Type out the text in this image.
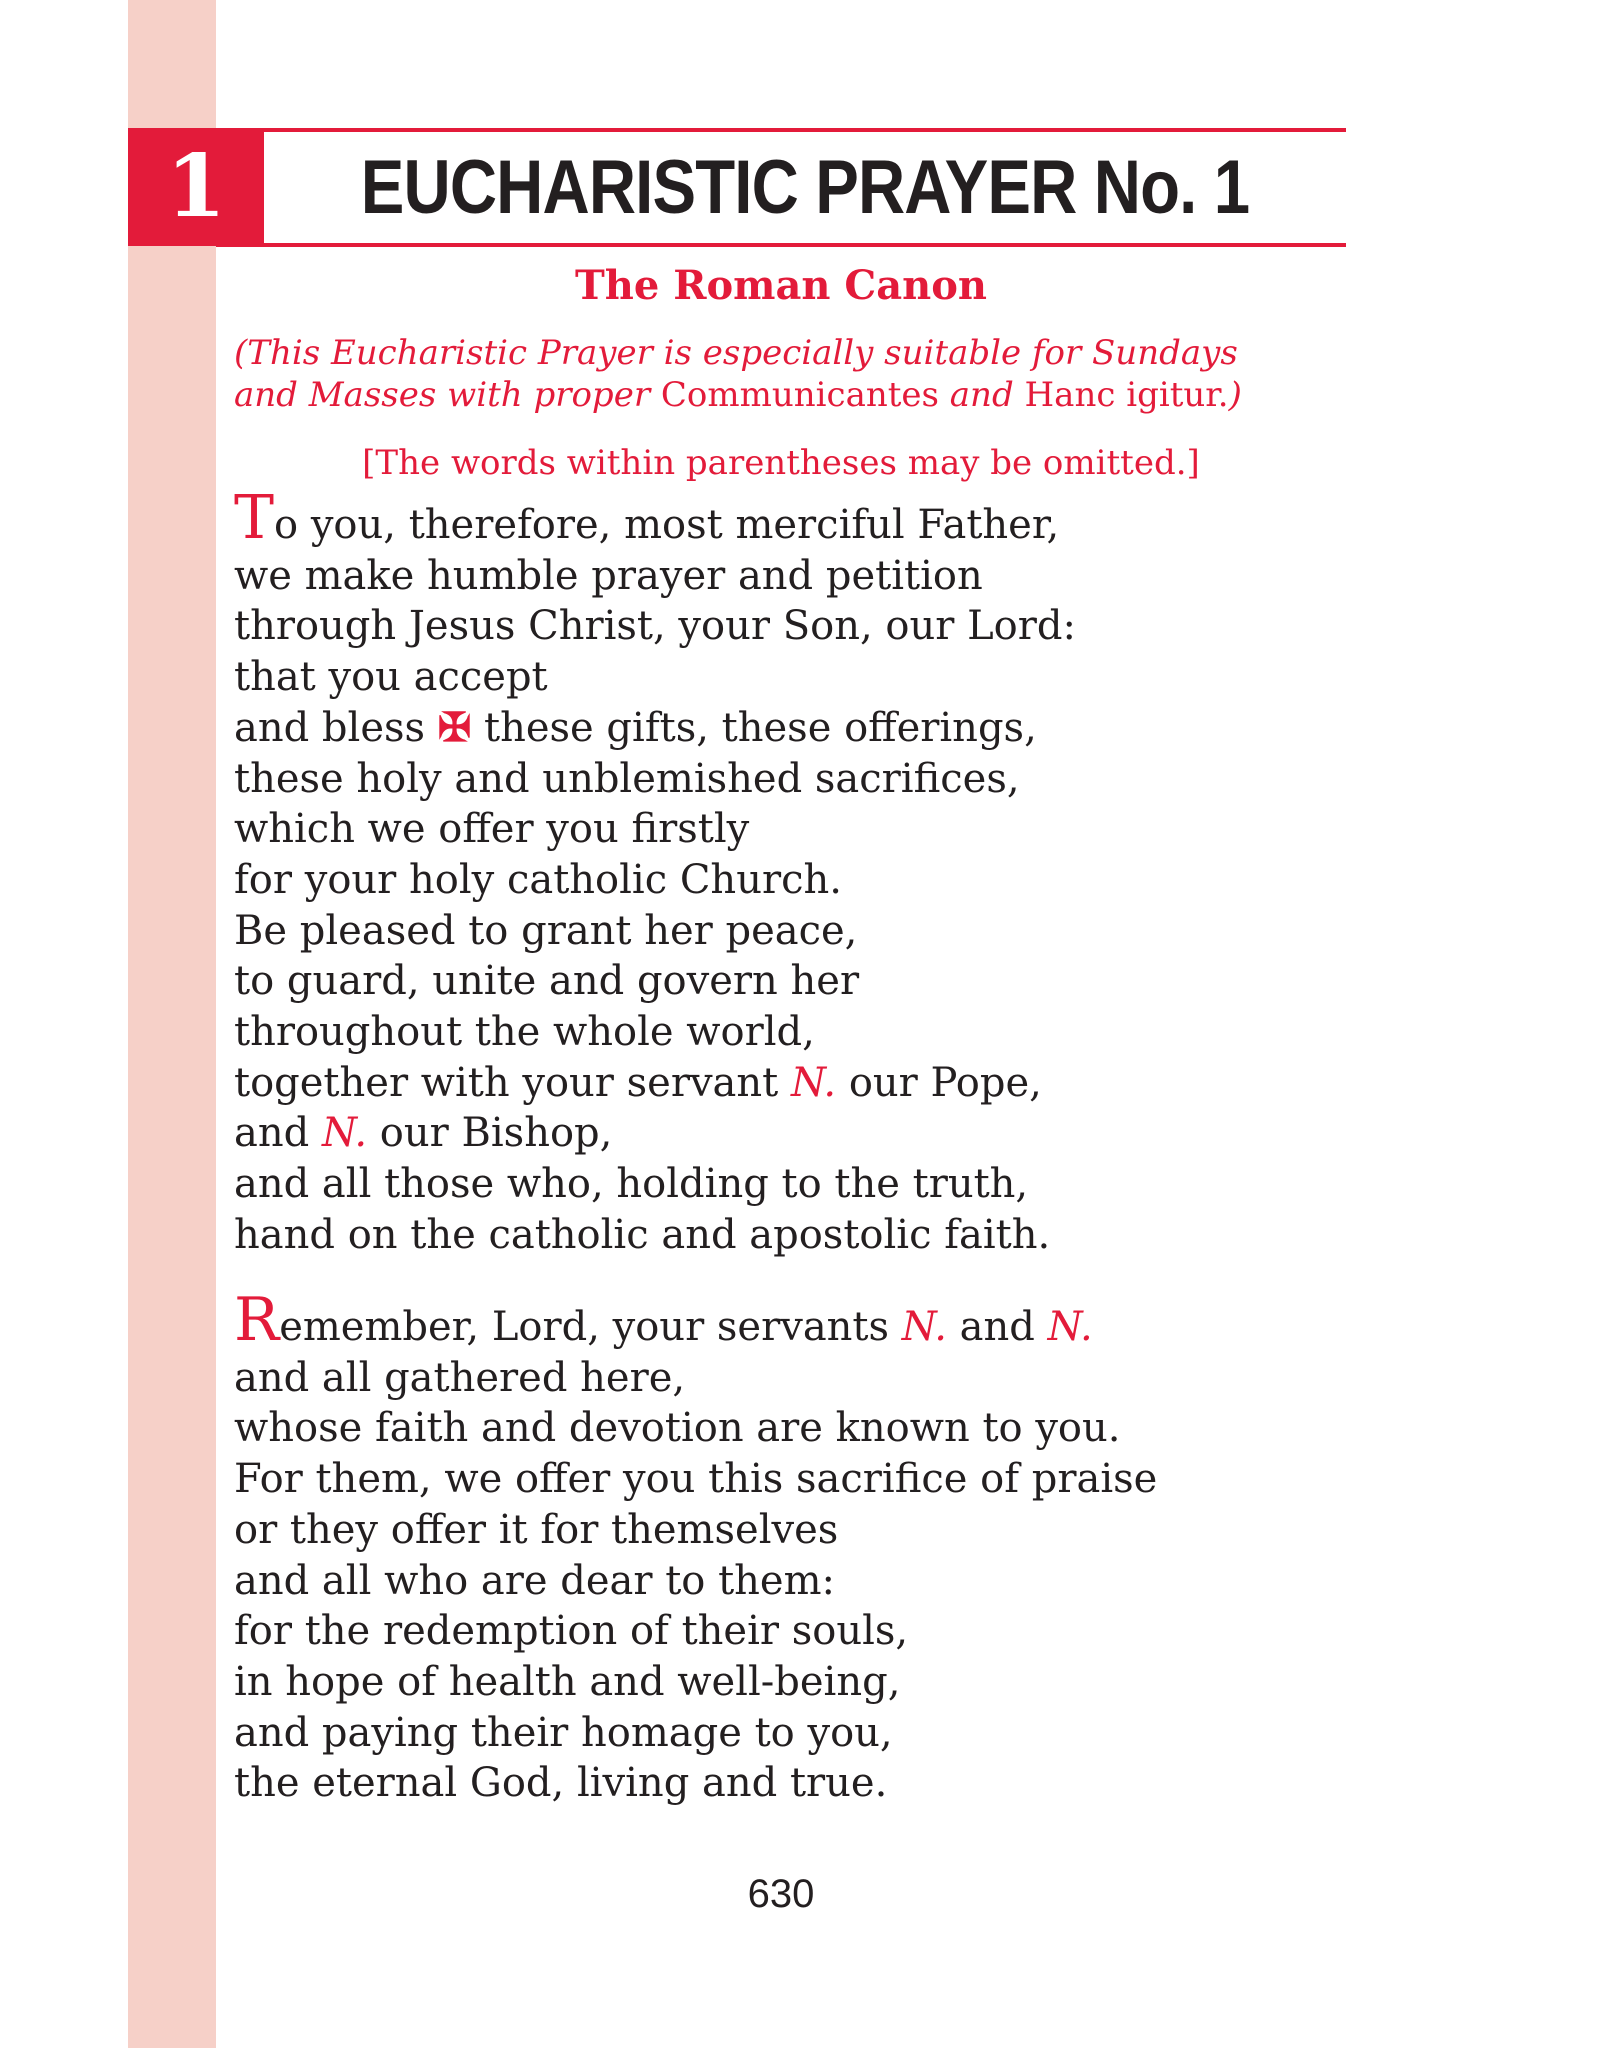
1	EUCHARISTIC PRAYER No. 1
The Roman Canon

(This Eucharistic Prayer is especially suitable for Sundays
and Masses with proper Communicantes and Hanc igitur.)

[The words within parentheses may be omitted.]

To you, therefore, most merciful Father,
we make humble prayer and petition
through Jesus Christ, your Son, our Lord:
that you accept
and bless ✠ these gifts, these offerings,
these holy and unblemished sacrifices,
which we offer you firstly
for your holy catholic Church.
Be pleased to grant her peace,
to guard, unite and govern her
throughout the whole world,
together with your servant N. our Pope,
and N. our Bishop,
and all those who, holding to the truth,
hand on the catholic and apostolic faith.
Remember, Lord, your servants N. and N.
and all gathered here,
whose faith and devotion are known to you.
For them, we offer you this sacrifice of praise
or they offer it for themselves
and all who are dear to them:
for the redemption of their souls,
in hope of health and well-being,
and paying their homage to you,
the eternal God, living and true.

630
